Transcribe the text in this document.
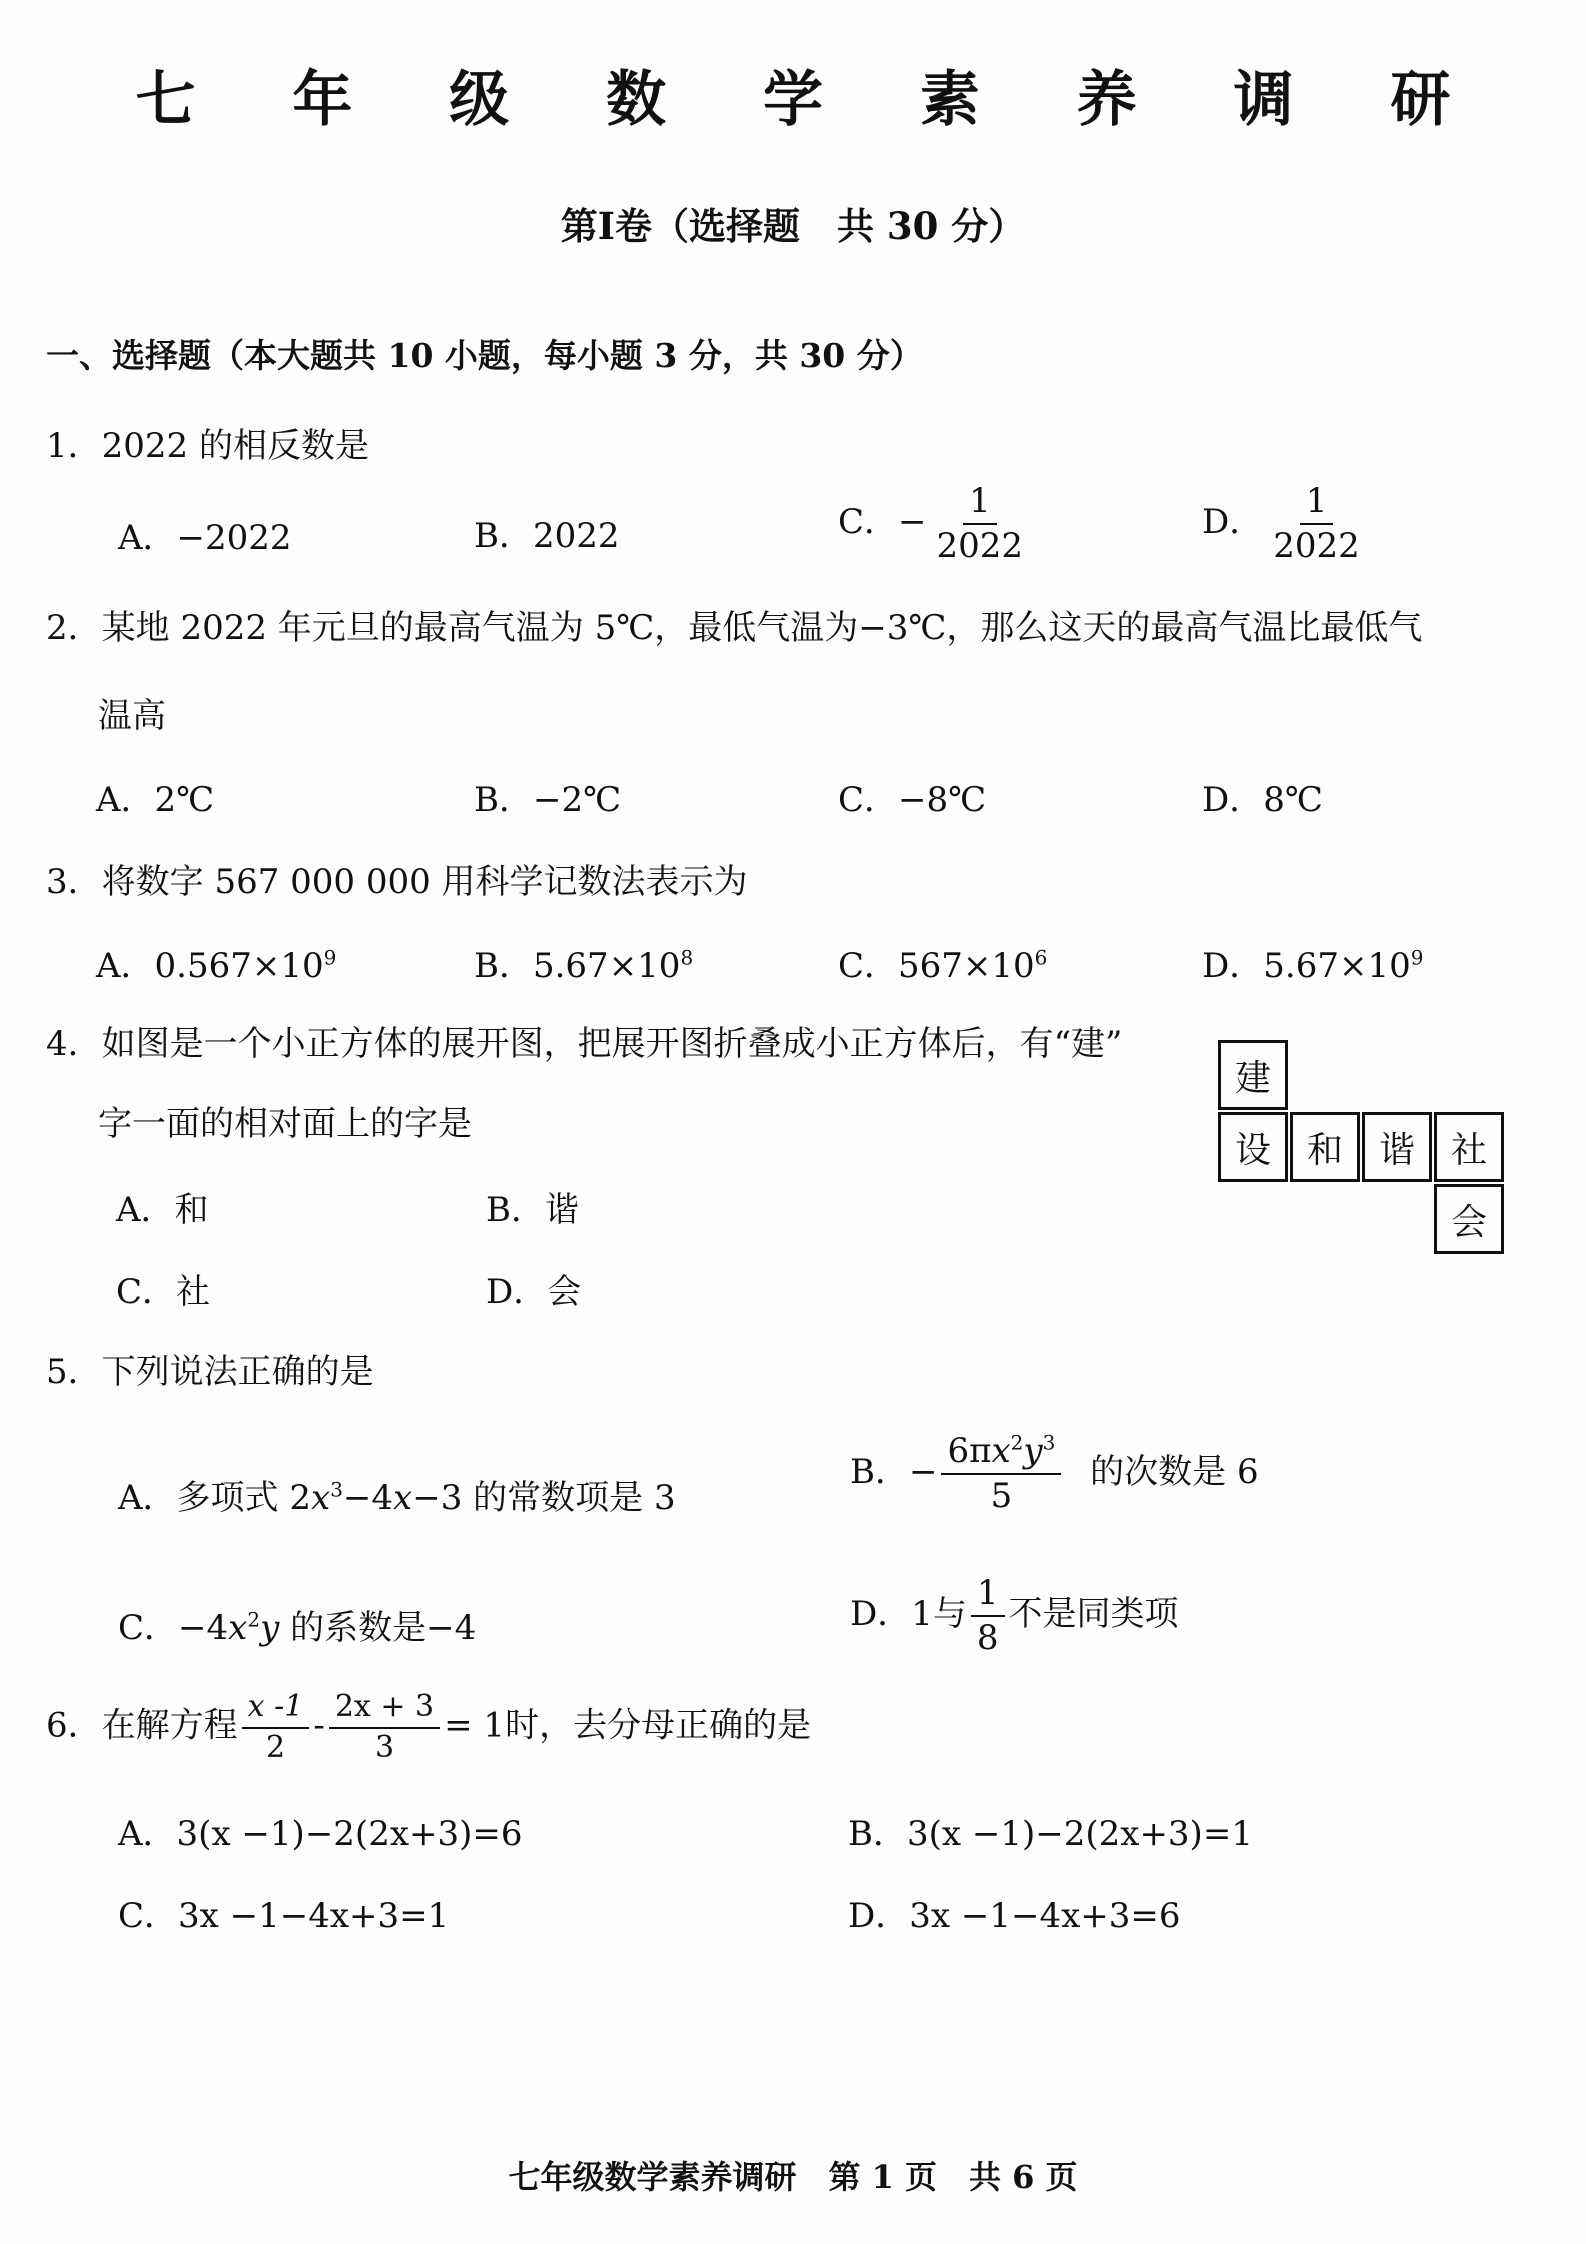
七 年 级 数 学 素 养 调 研
第Ⅰ卷（选择题　共 30 分）
一、选择题（本大题共 10 小题，每小题 3 分，共 30 分）
1．2022 的相反数是
A．−2022	B．2022	C．− $\frac{1}{2022}$	D． $\frac{1}{2022}$
2．某地 2022 年元旦的最高气温为 5℃，最低气温为−3℃，那么这天的最高气温比最低气
温高
A．2℃	B．−2℃	C．−8℃	D．8℃
3．将数字 567 000 000 用科学记数法表示为
A．$0.567\times 10^9$	B．$5.67\times 10^8$	C．$567\times 10^6$	D．$5.67\times 10^9$
4．如图是一个小正方体的展开图，把展开图折叠成小正方体后，有“建”
字一面的相对面上的字是
A．和	B．谐
C．社	D．会
建
设 和 谐 社
会
5．下列说法正确的是
A．多项式 $2x^3-4x-3$ 的常数项是 3
B．− $\frac{6\pi x^2y^3}{5}$ 的次数是 6
C．$-4x^2y$ 的系数是−4	D．1与 $\frac{1}{8}$ 不是同类项
6．在解方程 $\frac{x -1}{2} - \frac{2x + 3}{3} = 1$时，去分母正确的是
A．3(x −1)−2(2x+3)=6	B．3(x −1)−2(2x+3)=1
C．3x −1−4x+3=1	D．3x −1−4x+3=6
七年级数学素养调研　第 1 页　共 6 页
